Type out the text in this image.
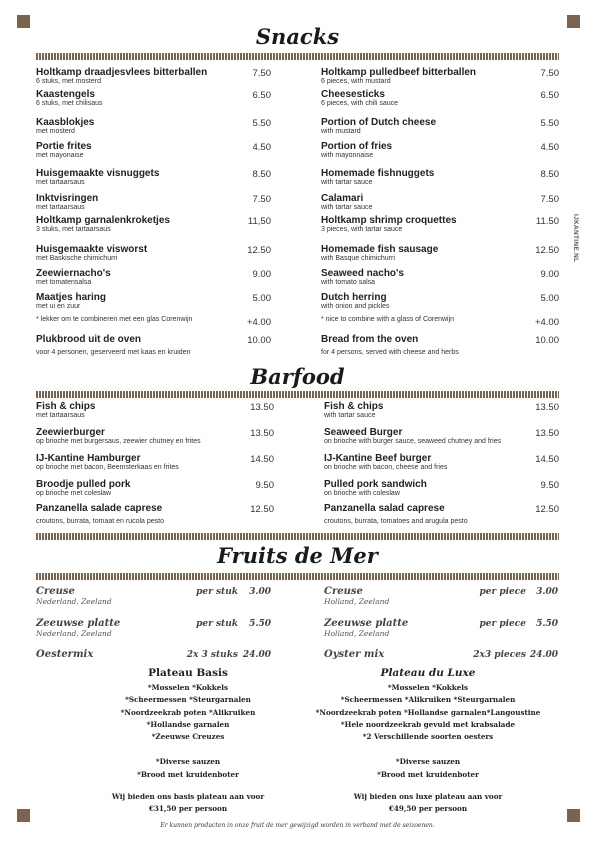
IJKANTINE.NL
Snacks
Holtkamp draadjesvlees bitterballen
6 stuks, met mosterd
7.50
Kaastengels
6 stuks, met chilisaus
6.50
Kaasblokjes
met mosterd
5.50
Portie frites
met mayonaise
4.50
Huisgemaakte visnuggets
met tartaarsaus
8.50
Inktvisringen
met tartaarsaus
7.50
Holtkamp garnalenkroketjes
3 stuks, met tartaarsaus
11,50
Huisgemaakte visworst
met Baskische chimichurri
12.50
Zeewiernacho's
met tomatensalsa
9.00
Maatjes haring
met ui en zuur
5.00
* lekker om te combineren met een glas Corenwijn	+4.00
Plukbrood uit de oven
voor 4 personen, geserveerd met kaas en kruiden
10.00
Holtkamp pulledbeef bitterballen
6 pieces, with mustard
7.50
Cheesesticks
6 pieces, with chili sauce
6.50
Portion of Dutch cheese
with mustard
5.50
Portion of fries
with mayonnaise
4.50
Homemade fishnuggets
with tartar sauce
8.50
Calamari
with tartar sauce
7.50
Holtkamp shrimp croquettes
3 pieces, with tartar sauce
11.50
Homemade fish sausage
with Basque chimichurri
12.50
Seaweed nacho's
with tomato salsa
9.00
Dutch herring
with onion and pickles
5.00
* nice to combine with a glass of Corenwijn	+4.00
Bread from the oven
for 4 persons, served with cheese and herbs
10.00
Barfood
Fish & chips
met tartaarsaus
13.50
Zeewierburger
op brioche met burgersaus, zeewier chutney en frites
13.50
IJ-Kantine Hamburger
op brioche met bacon, Beemsterkaas en frites
14.50
Broodje pulled pork
op brioche met coleslaw
9.50
Panzanella salade caprese
croutons, burrata, tomaat en rucola pesto
12.50
Fish & chips
with tartar sauce
13.50
Seaweed Burger
on brioche with burger sauce, seaweed chutney and fries
13.50
IJ-Kantine Beef burger
on brioche with bacon, cheese and fries
14.50
Pulled pork sandwich
on brioche with coleslaw
9.50
Panzanella salad caprese
croutons, burrata, tomatoes and arugula pesto
12.50
Fruits de Mer
Creuse
Nederland, Zeeland
per stuk	3.00
Zeeuwse platte
Nederland, Zeeland
per stuk	5.50
Oestermix	2x 3 stuks 24.00
Creuse
Holland, Zeeland
per piece	3.00
Zeeuwse platte
Holland, Zeeland
per piece	5.50
Oyster mix	2x3 pieces 24.00
Plateau Basis
*Mosselen *Kokkels
*Scheermessen *Steurgarnalen
*Noordzeekrab poten *Alikruiken
*Hollandse garnalen
*Zeeuwse Creuzes
*Diverse sauzen
*Brood met kruidenboter
Wij bieden ons basis plateau aan voor
€31,50 per persoon
Plateau du Luxe
*Mosselen *Kokkels
*Scheermessen *Alikruiken *Steurgarnalen
*Noordzeekrab poten *Hollandse garnalen*Langoustine
*Hele noordzeekrab gevuld met krabsalade
*2 Verschillende soorten oesters
*Diverse sauzen
*Brood met kruidenboter
Wij bieden ons luxe plateau aan voor
€49,50 per persoon
Er kunnen producten in onze fruit de mer gewijzigd worden in verband met de seizoenen.
